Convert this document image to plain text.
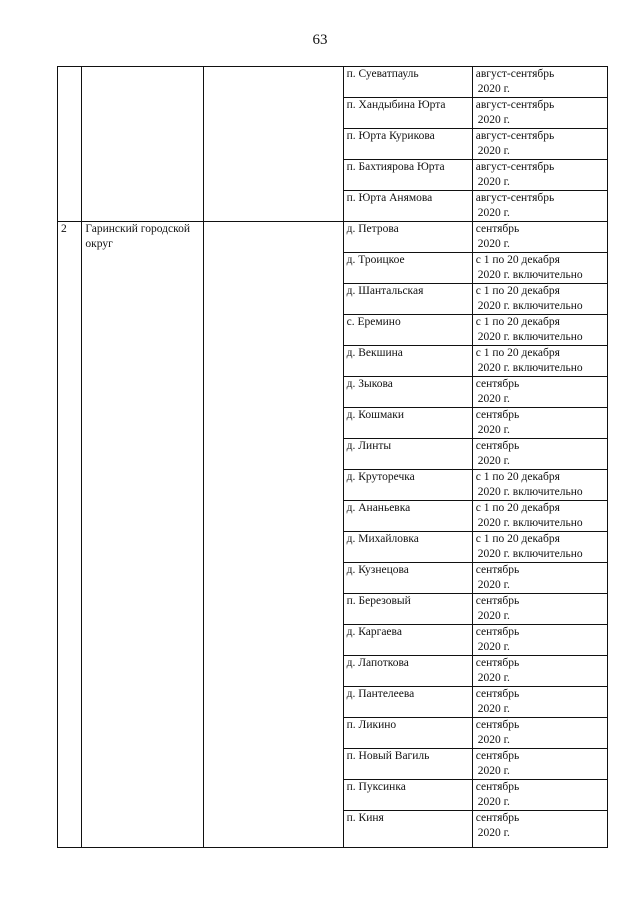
63
			п. Суеватпауль	август-сентябрь
2020 г.

			п. Хандыбина Юрта	август-сентябрь
2020 г.

			п. Юрта Курикова	август-сентябрь
2020 г.

			п. Бахтиярова Юрта	август-сентябрь
2020 г.

			п. Юрта Анямова	август-сентябрь
2020 г.

2	Гаринский городской округ		д. Петрова	сентябрь
2020 г.

			д. Троицкое	с 1 по 20 декабря
2020 г. включительно

			д. Шантальская	с 1 по 20 декабря
2020 г. включительно

			с. Еремино	с 1 по 20 декабря
2020 г. включительно

			д. Векшина	с 1 по 20 декабря
2020 г. включительно

			д. Зыкова	сентябрь
2020 г.

			д. Кошмаки	сентябрь
2020 г.

			д. Линты	сентябрь
2020 г.

			д. Круторечка	с 1 по 20 декабря
2020 г. включительно

			д. Ананьевка	с 1 по 20 декабря
2020 г. включительно

			д. Михайловка	с 1 по 20 декабря
2020 г. включительно

			д. Кузнецова	сентябрь
2020 г.

			п. Березовый	сентябрь
2020 г.

			д. Каргаева	сентябрь
2020 г.

			д. Лапоткова	сентябрь
2020 г.

			д. Пантелеева	сентябрь
2020 г.

			п. Ликино	сентябрь
2020 г.

			п. Новый Вагиль	сентябрь
2020 г.

			п. Пуксинка	сентябрь
2020 г.

			п. Киня	сентябрь
2020 г.
